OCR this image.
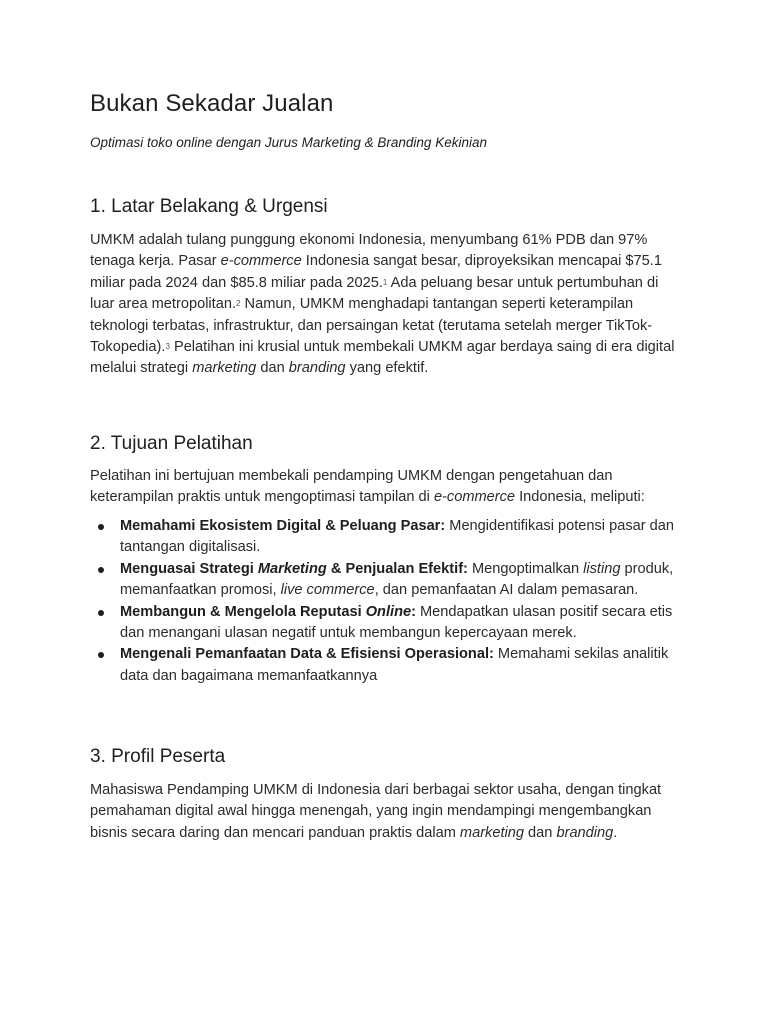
Bukan Sekadar Jualan

Optimasi toko online dengan Jurus Marketing & Branding Kekinian

1. Latar Belakang & Urgensi

UMKM adalah tulang punggung ekonomi Indonesia, menyumbang 61% PDB dan 97% tenaga kerja. Pasar e-commerce Indonesia sangat besar, diproyeksikan mencapai $75.1 miliar pada 2024 dan $85.8 miliar pada 2025.$^1$ Ada peluang besar untuk pertumbuhan di luar area metropolitan.$^2$ Namun, UMKM menghadapi tantangan seperti keterampilan teknologi terbatas, infrastruktur, dan persaingan ketat (terutama setelah merger TikTok-Tokopedia).$^3$ Pelatihan ini krusial untuk membekali UMKM agar berdaya saing di era digital melalui strategi marketing dan branding yang efektif.

2. Tujuan Pelatihan

Pelatihan ini bertujuan membekali pendamping UMKM dengan pengetahuan dan keterampilan praktis untuk mengoptimasi tampilan di e-commerce Indonesia, meliputi:

Memahami Ekosistem Digital & Peluang Pasar: Mengidentifikasi potensi pasar dan tantangan digitalisasi.
Menguasai Strategi Marketing & Penjualan Efektif: Mengoptimalkan listing produk, memanfaatkan promosi, live commerce, dan pemanfaatan AI dalam pemasaran.
Membangun & Mengelola Reputasi Online: Mendapatkan ulasan positif secara etis dan menangani ulasan negatif untuk membangun kepercayaan merek.
Mengenali Pemanfaatan Data & Efisiensi Operasional: Memahami sekilas analitik data dan bagaimana memanfaatkannya
3. Profil Peserta

Mahasiswa Pendamping UMKM di Indonesia dari berbagai sektor usaha, dengan tingkat pemahaman digital awal hingga menengah, yang ingin mendampingi mengembangkan bisnis secara daring dan mencari panduan praktis dalam marketing dan branding.
